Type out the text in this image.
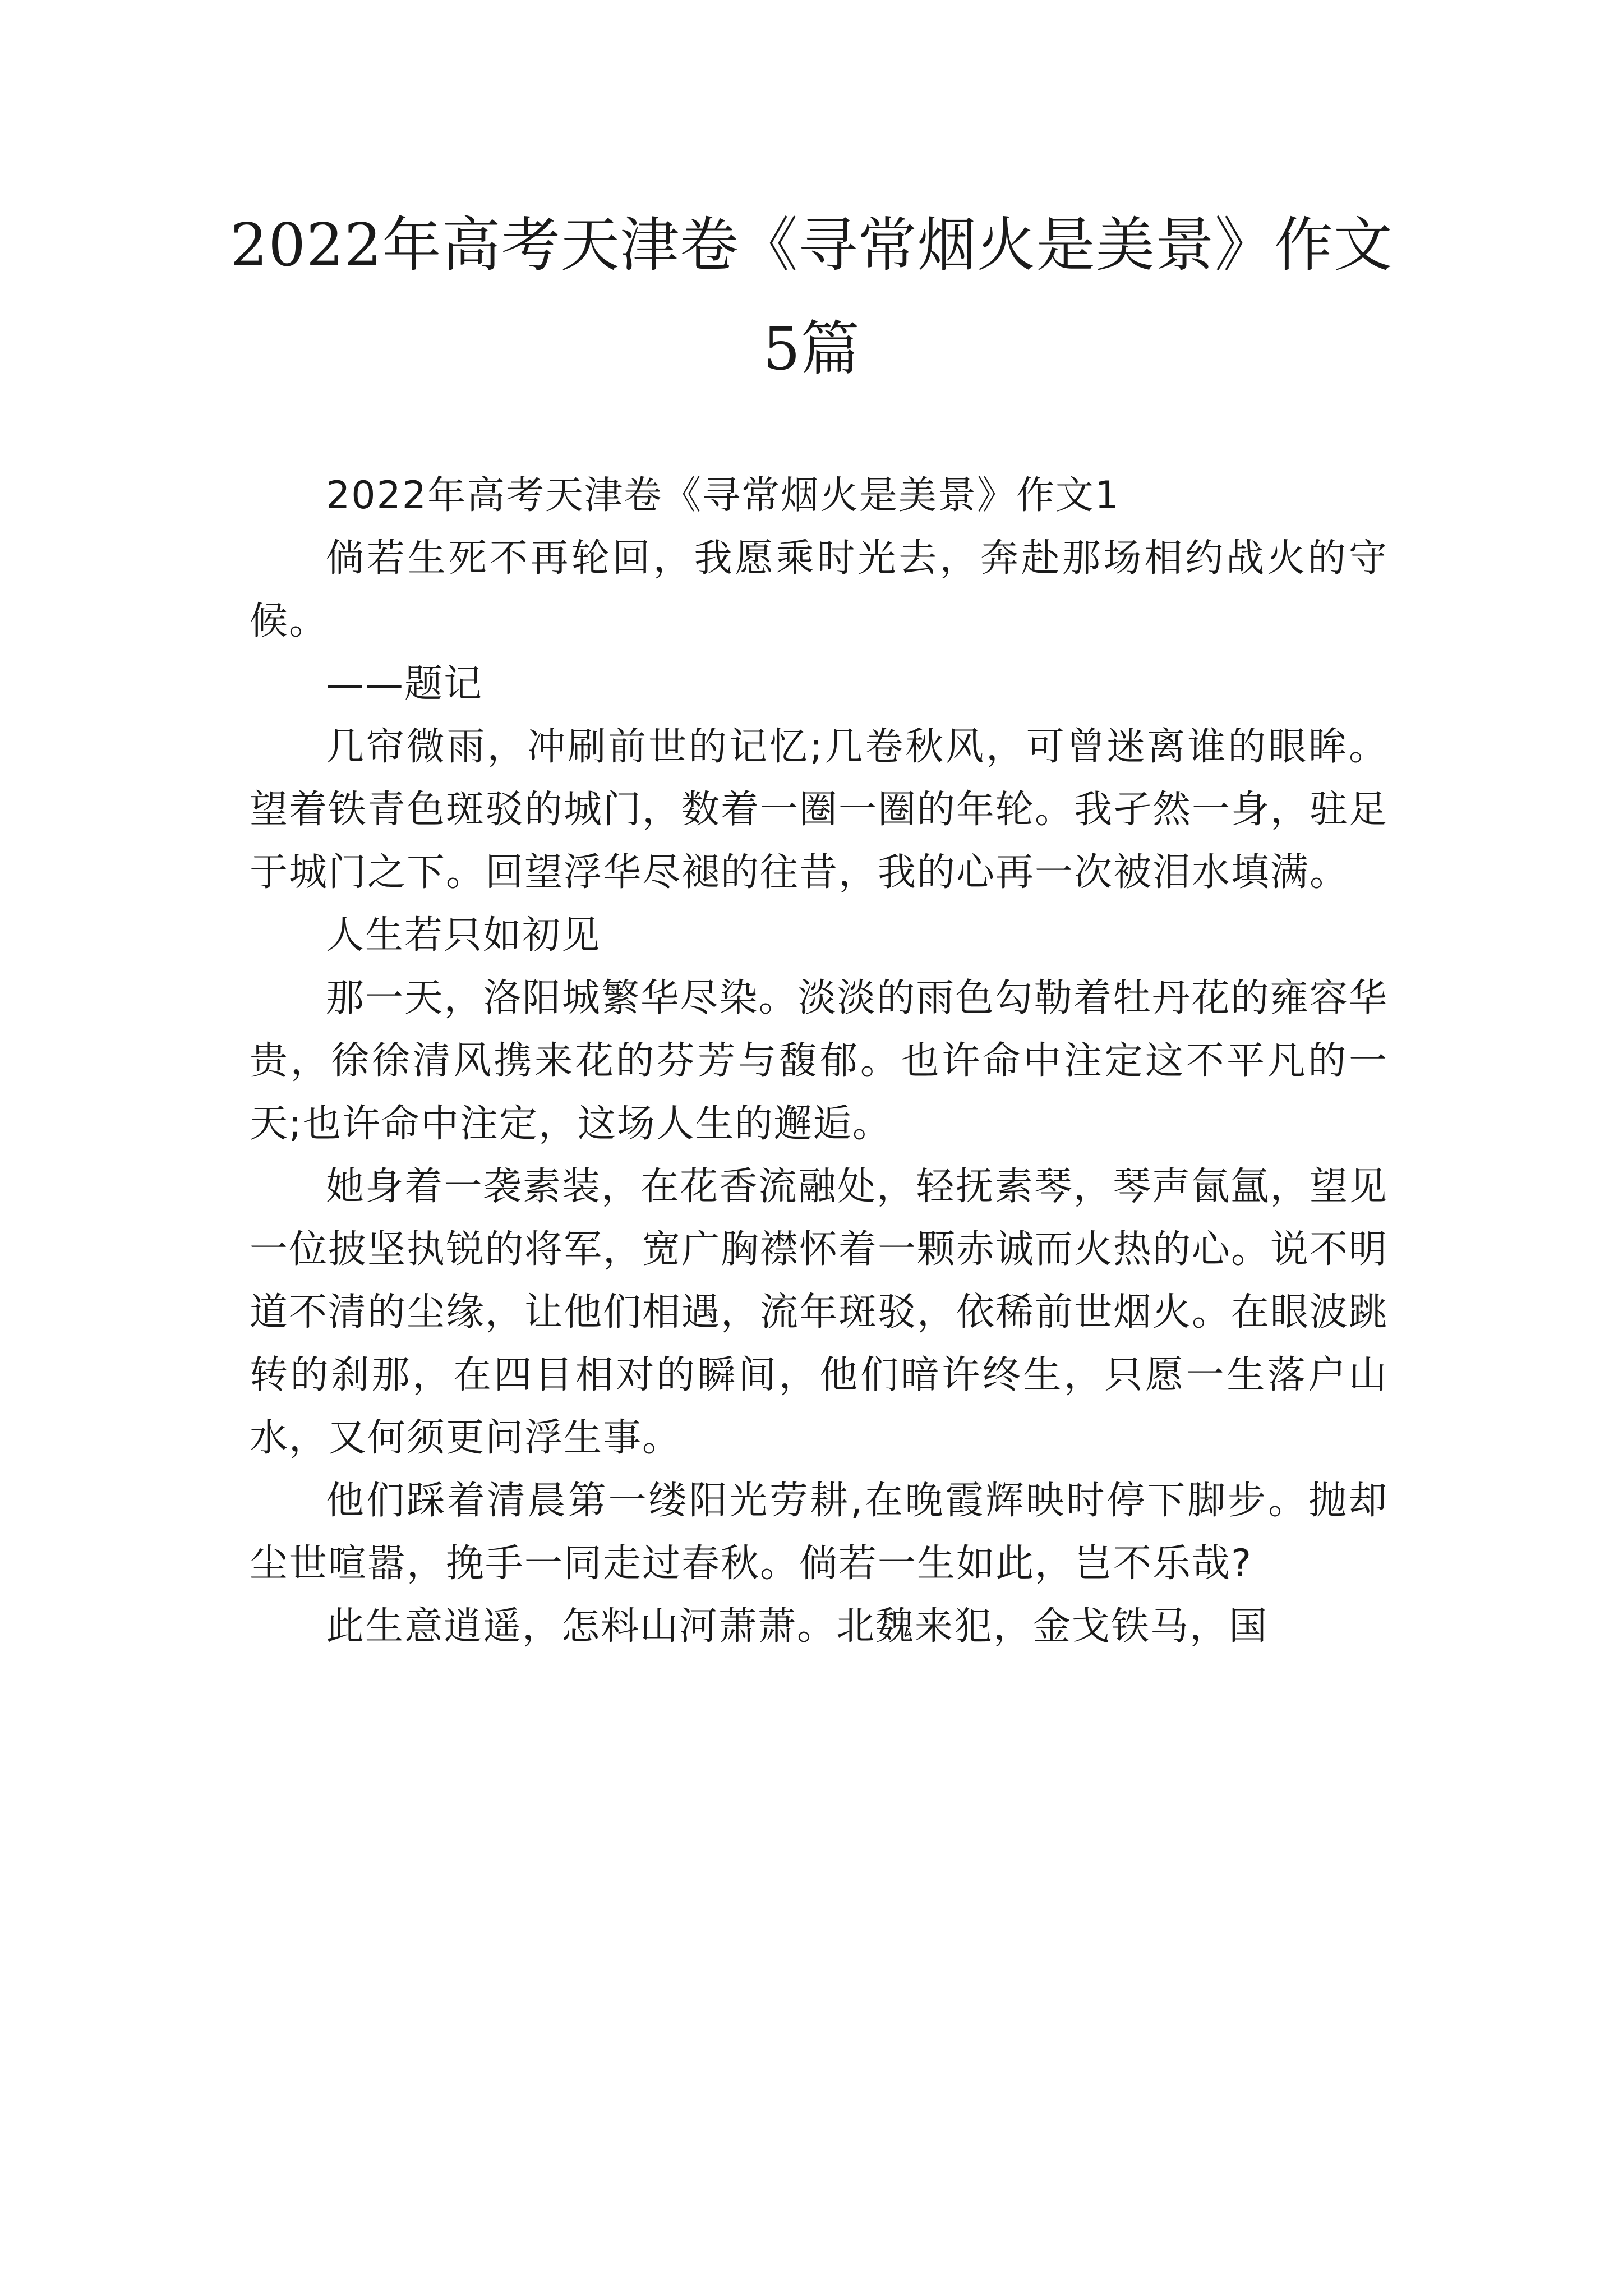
2022年高考天津卷《寻常烟火是美景》作文
5篇

2022年高考天津卷《寻常烟火是美景》作文1

倘若生死不再轮回，我愿乘时光去，奔赴那场相约战火的守候。

——题记

几帘微雨，冲刷前世的记忆;几卷秋风，可曾迷离谁的眼眸。望着铁青色斑驳的城门，数着一圈一圈的年轮。我孑然一身，驻足于城门之下。回望浮华尽褪的往昔，我的心再一次被泪水填满。

人生若只如初见

那一天，洛阳城繁华尽染。淡淡的雨色勾勒着牡丹花的雍容华贵，徐徐清风携来花的芬芳与馥郁。也许命中注定这不平凡的一天;也许命中注定，这场人生的邂逅。

她身着一袭素装，在花香流融处，轻抚素琴，琴声氤氲，望见一位披坚执锐的将军，宽广胸襟怀着一颗赤诚而火热的心。说不明道不清的尘缘，让他们相遇，流年斑驳，依稀前世烟火。在眼波跳转的刹那，在四目相对的瞬间，他们暗许终生，只愿一生落户山水，又何须更问浮生事。

他们踩着清晨第一缕阳光劳耕,在晚霞辉映时停下脚步。抛却尘世喧嚣，挽手一同走过春秋。倘若一生如此，岂不乐哉?

此生意逍遥，怎料山河萧萧。北魏来犯，金戈铁马，国
